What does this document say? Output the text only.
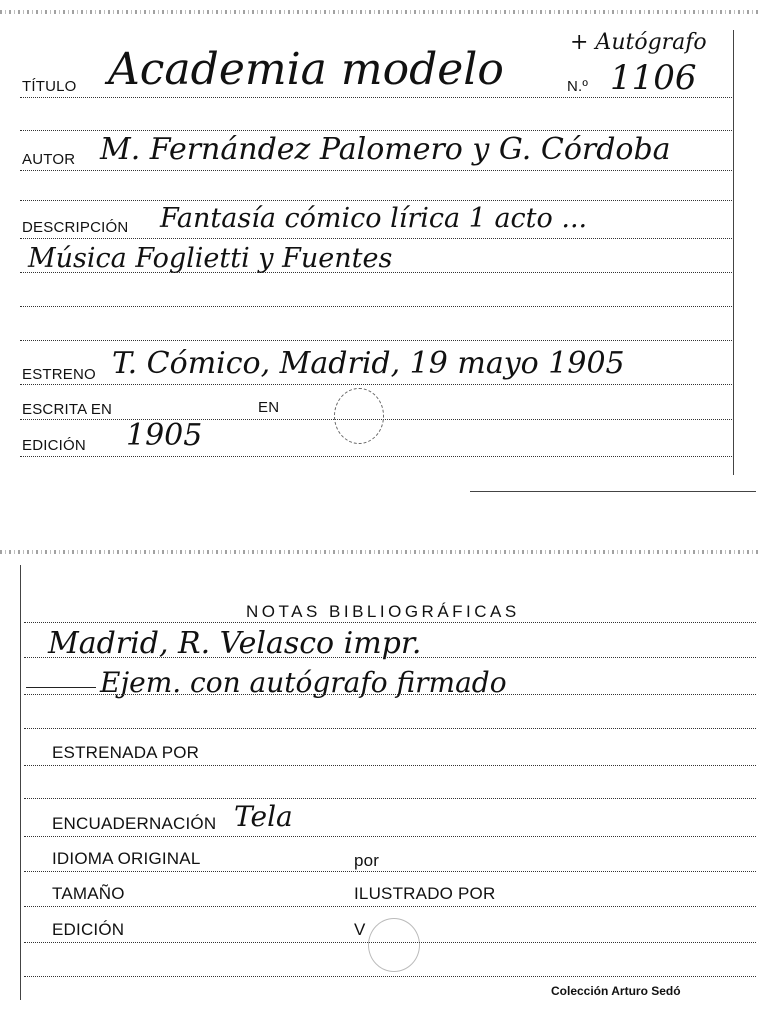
TÍTULO Academia modelo	N.º 1106
+ Autógrafo
AUTOR M. Fernández Palomero y G. Córdoba
DESCRIPCIÓN Fantasía cómico lírica 1 acto ...
Música Foglietti y Fuentes
ESTRENO T. Cómico, Madrid, 19 mayo 1905
ESCRITA EN	EN
EDICIÓN 1905
NOTAS BIBLIOGRÁFICAS
Madrid, R. Velasco impr.
Ejem. con autógrafo firmado
ESTRENADA POR
ENCUADERNACIÓN Tela
IDIOMA ORIGINAL	por
TAMAÑO	ILUSTRADO POR
EDICIÓN	V
Colección Arturo Sedó
